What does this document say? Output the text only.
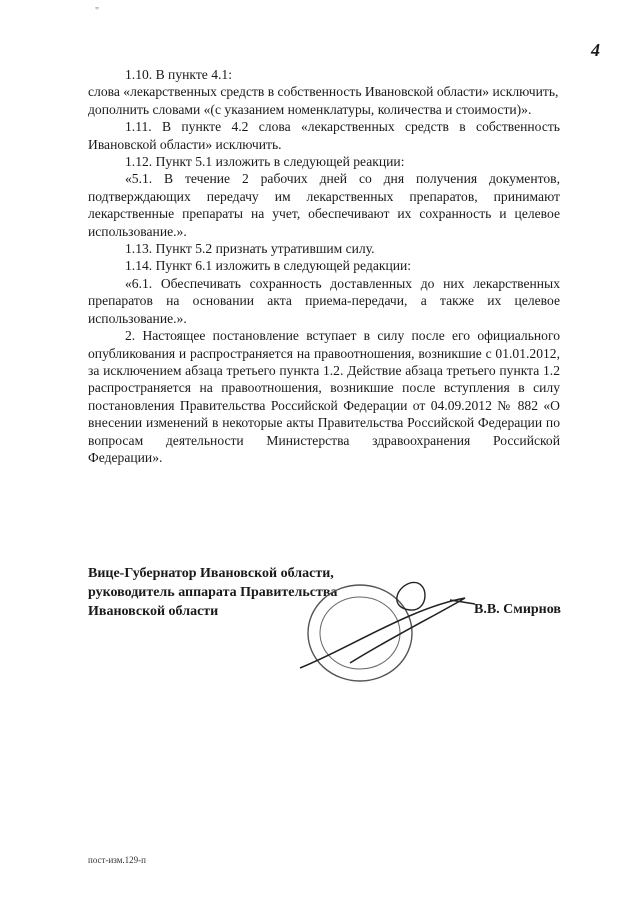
"
4

1.10. В пункте 4.1:

слова «лекарственных средств в собственность Ивановской области» исключить,

дополнить словами «(с указанием номенклатуры, количества и стоимости)».

1.11. В пункте 4.2 слова «лекарственных средств в собственность Ивановской области» исключить.

1.12. Пункт 5.1 изложить в следующей реакции:

«5.1. В течение 2 рабочих дней со дня получения документов, подтверждающих передачу им лекарственных препаратов, принимают лекарственные препараты на учет, обеспечивают их сохранность и целевое использование.».

1.13. Пункт 5.2 признать утратившим силу.

1.14. Пункт 6.1 изложить в следующей редакции:

«6.1. Обеспечивать сохранность доставленных до них лекарственных препаратов на основании акта приема-передачи, а также их целевое использование.».

2. Настоящее постановление вступает в силу после его официального опубликования и распространяется на правоотношения, возникшие с 01.01.2012, за исключением абзаца третьего пункта 1.2. Действие абзаца третьего пункта 1.2 распространяется на правоотношения, возникшие после вступления в силу постановления Правительства Российской Федерации от 04.09.2012 № 882 «О внесении изменений в некоторые акты Правительства Российской Федерации по вопросам деятельности Министерства здравоохранения Российской Федерации».

Вице-Губернатор Ивановской области,
руководитель аппарата Правительства
Ивановской области	В.В. Смирнов
пост-изм.129-п
